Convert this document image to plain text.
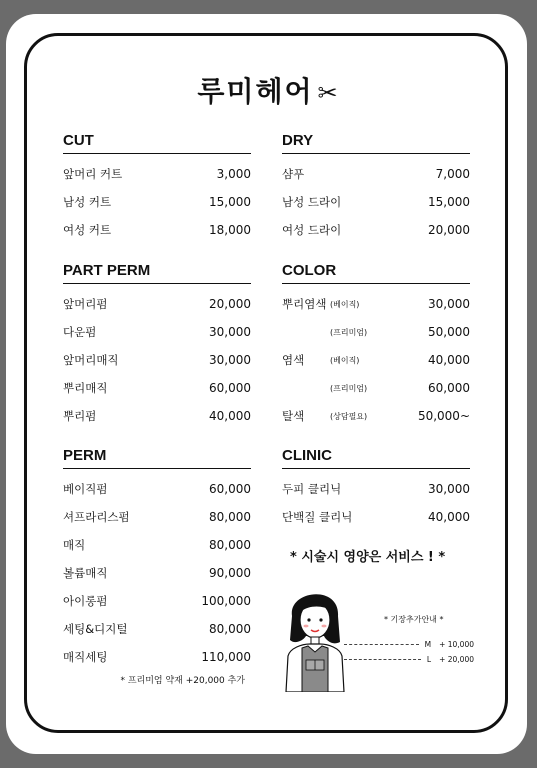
루미헤어 ✂
CUT
앞머리 커트	3,000
남성 커트	15,000
여성 커트	18,000
DRY
샴푸	7,000
남성 드라이	15,000
여성 드라이	20,000
PART PERM
앞머리펌	20,000
다운펌	30,000
앞머리매직	30,000
뿌리매직	60,000
뿌리펌	40,000
COLOR
뿌리염색 (베이직)	30,000
(프리미엄)	50,000
염색	(베이직)	40,000
(프리미엄)	60,000
탈색	(상담필요)	50,000~
PERM
베이직펌	60,000
셔프라리스펌	80,000
매직	80,000
볼륨매직	90,000
아이롱펌	100,000
세팅&디지털	80,000
매직세팅	110,000
* 프리미엄 약재 +20,000 추가
CLINIC
두피 클리닉	30,000
단백질 클리닉	40,000
* 시술시 영양은 서비스 ! *
* 기장추가안내 *
M + 10,000
L + 20,000
